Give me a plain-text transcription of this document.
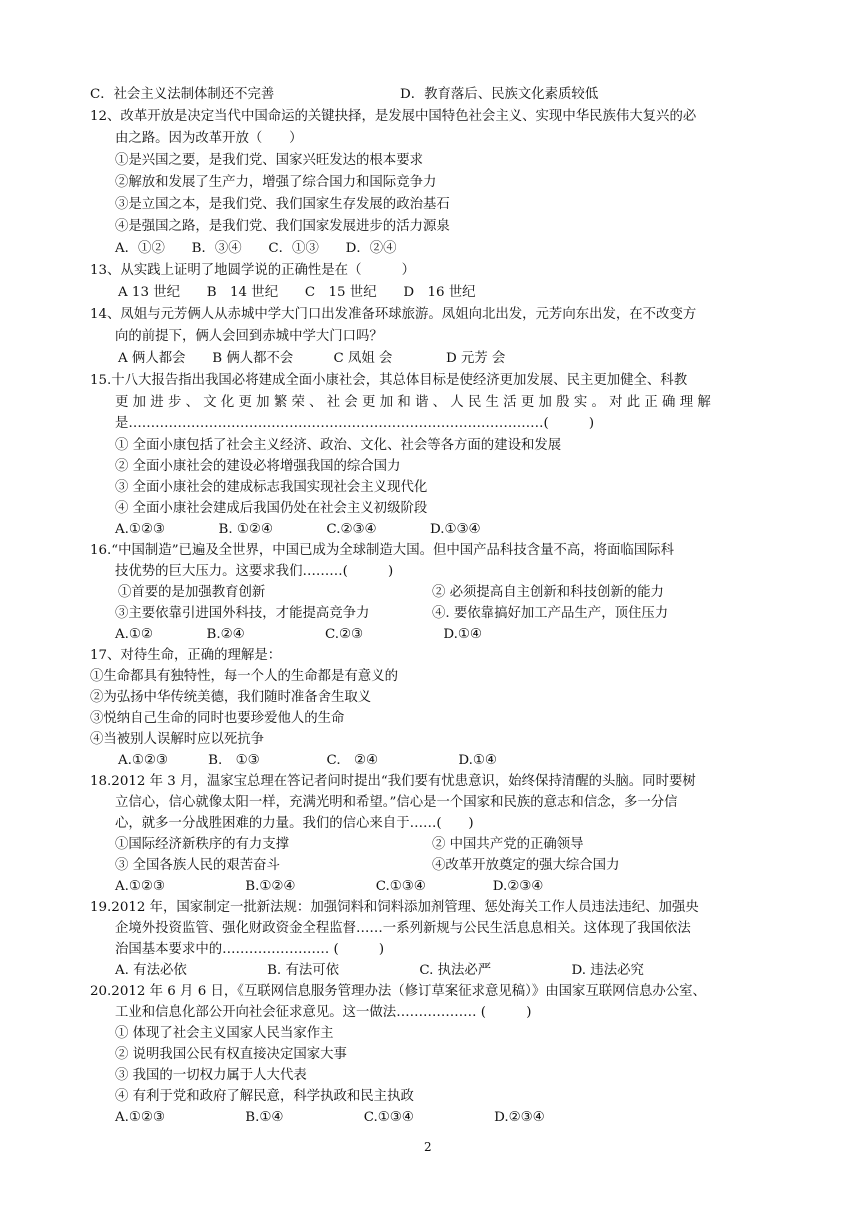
2
C．社会主义法制体制还不完善	D．教育落后、民族文化素质较低
12、改革开放是决定当代中国命运的关键抉择，是发展中国特色社会主义、实现中华民族伟大复兴的必
由之路。因为改革开放（　　）
①是兴国之要，是我们党、国家兴旺发达的根本要求
②解放和发展了生产力，增强了综合国力和国际竞争力
③是立国之本，是我们党、我们国家生存发展的政治基石
④是强国之路，是我们党、我们国家发展进步的活力源泉
A．①②　　B．③④　　C．①③　　D．②④
13、从实践上证明了地圆学说的正确性是在（　　　）
A 13 世纪　　B　14 世纪　　C　15 世纪　　D　16 世纪
14、凤姐与元芳俩人从赤城中学大门口出发准备环球旅游。凤姐向北出发，元芳向东出发，在不改变方
向的前提下，俩人会回到赤城中学大门口吗？
A 俩人都会　　B 俩人都不会　　　C 凤姐 会　　　　D 元芳 会
15.十八大报告指出我国必将建成全面小康社会，其总体目标是使经济更加发展、民主更加健全、科教
更 加 进 步 、 文 化 更 加 繁 荣 、 社 会 更 加 和 谐 、 人 民 生 活 更 加 殷 实 。 对 此 正 确 理 解
是…………………………………………………………………………………(　　　)
① 全面小康包括了社会主义经济、政治、文化、社会等各方面的建设和发展
② 全面小康社会的建设必将增强我国的综合国力
③ 全面小康社会的建成标志我国实现社会主义现代化
④ 全面小康社会建成后我国仍处在社会主义初级阶段
A.①②③　　　　B. ①②④　　　　C.②③④　　　　D.①③④
16.“中国制造”已遍及全世界，中国已成为全球制造大国。但中国产品科技含量不高，将面临国际科
技优势的巨大压力。这要求我们………(　　　)
①首要的是加强教育创新	② 必须提高自主创新和科技创新的能力
③主要依靠引进国外科技，才能提高竞争力	④. 要依靠搞好加工产品生产，顶住压力
A.①②　　　　B.②④　　　　　　C.②③　　　　　　D.①④
17、对待生命，正确的理解是：
①生命都具有独特性，每一个人的生命都是有意义的
②为弘扬中华传统美德，我们随时准备舍生取义
③悦纳自己生命的同时也要珍爱他人的生命
④当被别人误解时应以死抗争
A.①②③　　　B.　①③　　　　　C.　②④　　　　　　D.①④
18.2012 年 3 月，温家宝总理在答记者问时提出“我们要有忧患意识，始终保持清醒的头脑。同时要树
立信心，信心就像太阳一样，充满光明和希望。”信心是一个国家和民族的意志和信念，多一分信
心，就多一分战胜困难的力量。我们的信心来自于……(　　)
①国际经济新秩序的有力支撑	② 中国共产党的正确领导
③ 全国各族人民的艰苦奋斗	④改革开放奠定的强大综合国力
A.①②③　　　　　　B.①②④　　　　　　C.①③④　　　　　D.②③④
19.2012 年，国家制定一批新法规：加强饲料和饲料添加剂管理、惩处海关工作人员违法违纪、加强央
企境外投资监管、强化财政资金全程监督……一系列新规与公民生活息息相关。这体现了我国依法
治国基本要求中的…………………… (　　　)
A. 有法必依　　　　　　B. 有法可依　　　　　　C. 执法必严　　　　　　D. 违法必究
20.2012 年 6 月 6 日，《互联网信息服务管理办法（修订草案征求意见稿）》由国家互联网信息办公室、
工业和信息化部公开向社会征求意见。这一做法……………… (　　　)
① 体现了社会主义国家人民当家作主
② 说明我国公民有权直接决定国家大事
③ 我国的一切权力属于人大代表
④ 有利于党和政府了解民意，科学执政和民主执政
A.①②③　　　　　　B.①④　　　　　　C.①③④　　　　　　D.②③④
